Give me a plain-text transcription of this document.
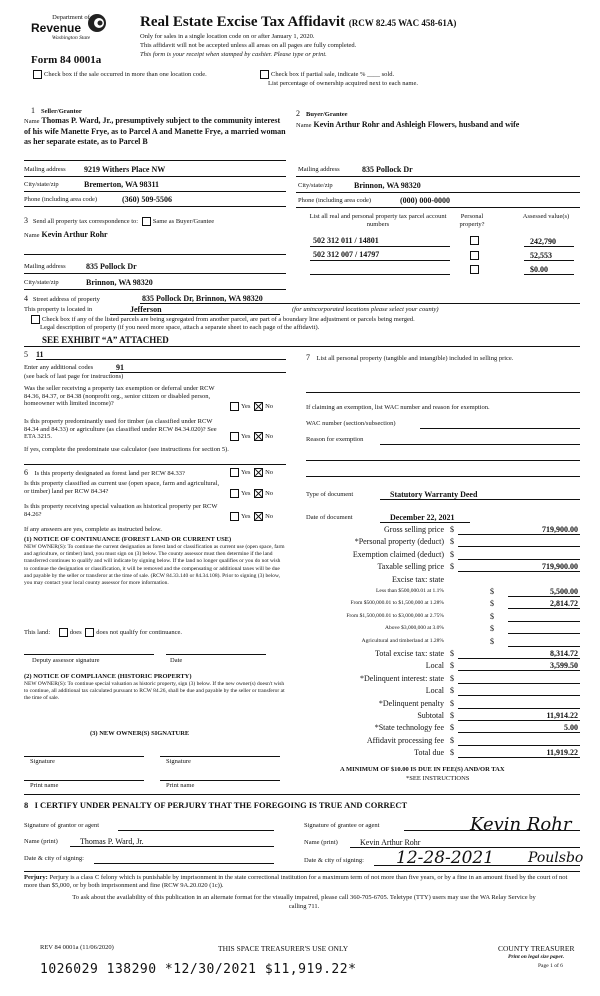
Department of
Revenue
Washington State
Form 84 0001a
Real Estate Excise Tax Affidavit (RCW 82.45 WAC 458-61A)
Only for sales in a single location code on or after January 1, 2020.
This affidavit will not be accepted unless all areas on all pages are fully completed.
This form is your receipt when stamped by cashier. Please type or print.
Check box if the sale occurred in more than one location code.	Check box if partial sale, indicate % ____ sold.
List percentage of ownership acquired next to each name.
1 Seller/Grantor
Name Thomas P. Ward, Jr., presumptively subject to the community interest of his wife Manette Frye, as to Parcel A and Manette Frye, a married woman as her separate estate, as to Parcel B
Mailing address 9219 Withers Place NW
City/state/zip	Bremerton, WA 98311
Phone (including area code)	(360) 509-5506
2 Buyer/Grantee
Name Kevin Arthur Rohr and Ashleigh Flowers, husband and wife
Mailing address	835 Pollock Dr
City/state/zip	Brinnon, WA 98320
Phone (including area code)	(000) 000-0000
3 Send all property tax correspondence to: Same as Buyer/Grantee
Name Kevin Arthur Rohr
Mailing address	835 Pollock Dr
City/state/zip	Brinnon, WA 98320
List all real and personal property tax parcel account numbers
Personal property?
Assessed value(s)
502 312 011 / 14801	242,790
502 312 007 / 14797	52,553
$0.00
4 Street address of property	835 Pollock Dr, Brinnon, WA 98320
This property is located in	Jefferson	(for unincorporated locations please select your county)
Check box if any of the listed parcels are being segregated from another parcel, are part of a boundary line adjustment or parcels being merged.
Legal description of property (if you need more space, attach a separate sheet to each page of the affidavit).
SEE EXHIBIT “A” ATTACHED
5 11
Enter any additional codes	91
(see back of last page for instructions)
Was the seller receiving a property tax exemption or deferral under RCW 84.36, 84.37, or 84.38 (nonprofit org., senior citizen or disabled person, homeowner with limited income)?	Yes No
Is this property predominantly used for timber (as classified under RCW 84.34 and 84.33) or agriculture (as classified under RCW 84.34.020)? See ETA 3215.	Yes No
If yes, complete the predominate use calculator (see instructions for section 5).
6 Is this property designated as forest land per RCW 84.33?	Yes No
Is this property classified as current use (open space, farm and agricultural, or timber) land per RCW 84.34?	Yes No
Is this property receiving special valuation as historical property per RCW 84.26?	Yes No
If any answers are yes, complete as instructed below.
(1) NOTICE OF CONTINUANCE (FOREST LAND OR CURRENT USE)
NEW OWNER(S): To continue the current designation as forest land or classification as current use (open space, farm and agriculture, or timber) land, you must sign on (3) below. The county assessor must then determine if the land transferred continues to qualify and will indicate by signing below. If the land no longer qualifies or you do not wish to continue the designation or classification, it will be removed and the compensating or additional taxes will be due and payable by the seller or transferor at the time of sale. (RCW 84.33.140 or 84.34.108). Prior to signing (3) below, you may contact your local county assessor for more information.
This land:	does does not qualify for continuance.
Deputy assessor signature	Date
(2) NOTICE OF COMPLIANCE (HISTORIC PROPERTY)
NEW OWNER(S): To continue special valuation as historic property, sign (3) below. If the new owner(s) doesn't wish to continue, all additional tax calculated pursuant to RCW 84.26, shall be due and payable by the seller or transferor at the time of sale.
(3) NEW OWNER(S) SIGNATURE
Signature	Signature
Print name	Print name
7 List all personal property (tangible and intangible) included in selling price.
If claiming an exemption, list WAC number and reason for exemption.
WAC number (section/subsection)
Reason for exemption
Type of document	Statutory Warranty Deed
Date of document	December 22, 2021
Gross selling price $	719,900.00
*Personal property (deduct) $
Exemption claimed (deduct) $
Taxable selling price $	719,900.00
Excise tax: state
Less than $500,000.01 at 1.1%	$	5,500.00
From $500,000.01 to $1,500,000 at 1.28%	$	2,814.72
From $1,500,000.01 to $3,000,000 at 2.75%	$
Above $3,000,000 at 3.0%	$
Agricultural and timberland at 1.28%	$
Total excise tax: state $	8,314.72
Local $	3,599.50
*Delinquent interest: state $
Local $
*Delinquent penalty $
Subtotal $	11,914.22
*State technology fee $	5.00
Affidavit processing fee $
Total due $	11,919.22
A MINIMUM OF $10.00 IS DUE IN FEE(S) AND/OR TAX
*SEE INSTRUCTIONS
8 I CERTIFY UNDER PENALTY OF PERJURY THAT THE FOREGOING IS TRUE AND CORRECT
Signature of grantor or agent
Name (print)	Thomas P. Ward, Jr.
Date & city of signing:
Signature of grantee or agent	Kevin Rohr
Name (print)	Kevin Arthur Rohr
Date & city of signing: 12-28-2021 Poulsbo
Perjury: Perjury is a class C felony which is punishable by imprisonment in the state correctional institution for a maximum term of not more than five years, or by a fine in an amount fixed by the court of not more than $5,000, or by both imprisonment and fine (RCW 9A.20.020 (1c)).
To ask about the availability of this publication in an alternate format for the visually impaired, please call 360-705-6705. Teletype (TTY) users may use the WA Relay Service by calling 711.
REV 84 0001a (11/06/2020)	THIS SPACE TREASURER'S USE ONLY	COUNTY TREASURER
Print on legal size paper.
Page 1 of 6
1026029 138290 *12/30/2021 $11,919.22*
